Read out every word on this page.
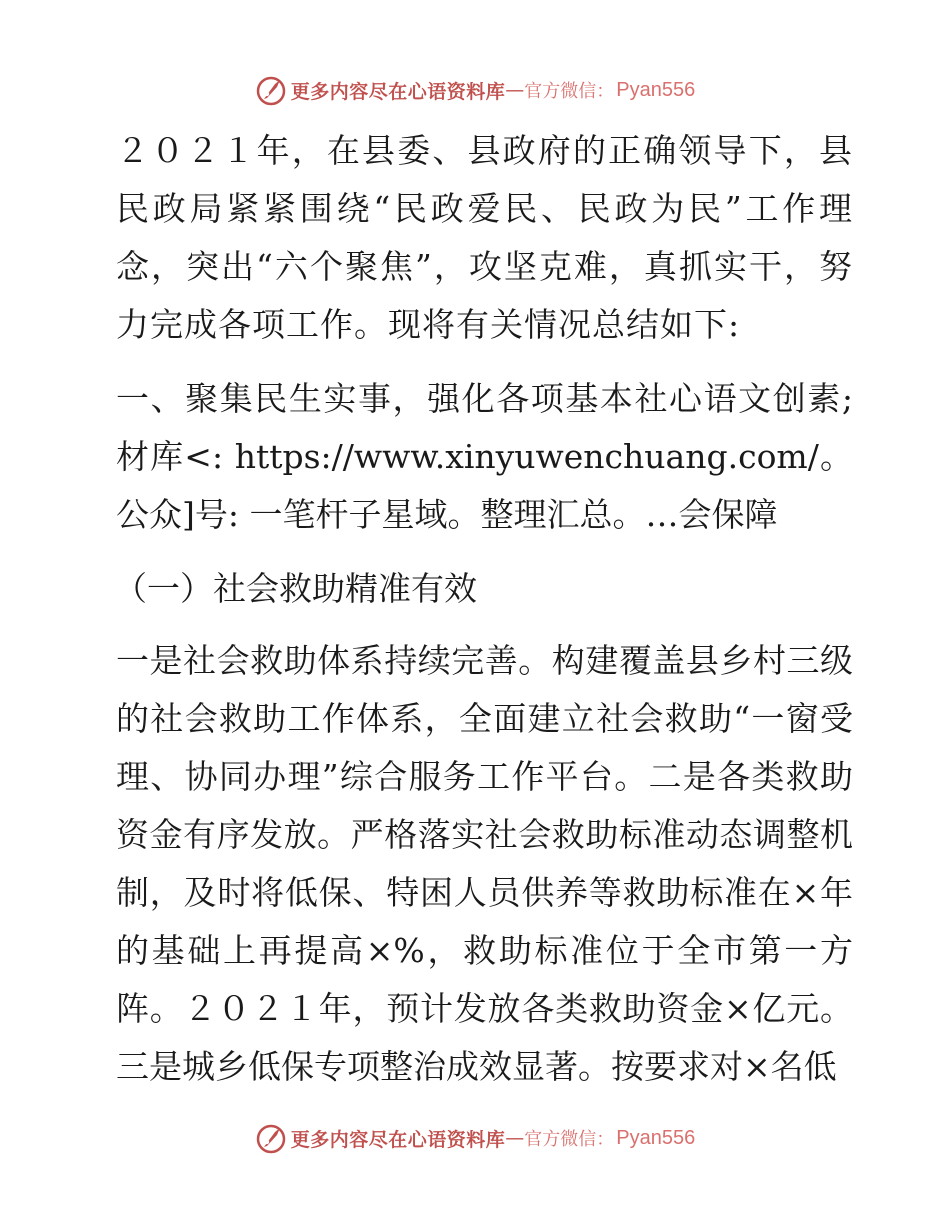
更多内容尽在心语资料库 — 官方微信： Pyan556

２０２１年，在县委、县政府的正确领导下，县民政局紧紧围绕“民政爱民、民政为民”工作理念，突出“六个聚焦”，攻坚克难，真抓实干，努力完成各项工作。现将有关情况总结如下:

一、聚集民生实事，强化各项基本社心语文创素;材库<: https://www.xinyuwenchuang.com/。公众]号: 一笔杆子星域。整理汇总。…会保障

（一）社会救助精准有效

一是社会救助体系持续完善。构建覆盖县乡村三级的社会救助工作体系，全面建立社会救助“一窗受理、协同办理”综合服务工作平台。二是各类救助资金有序发放。严格落实社会救助标准动态调整机制，及时将低保、特困人员供养等救助标准在×年的基础上再提高×%，救助标准位于全市第一方阵。２０２１年，预计发放各类救助资金×亿元。三是城乡低保专项整治成效显著。按要求对×名低

更多内容尽在心语资料库 — 官方微信： Pyan556
